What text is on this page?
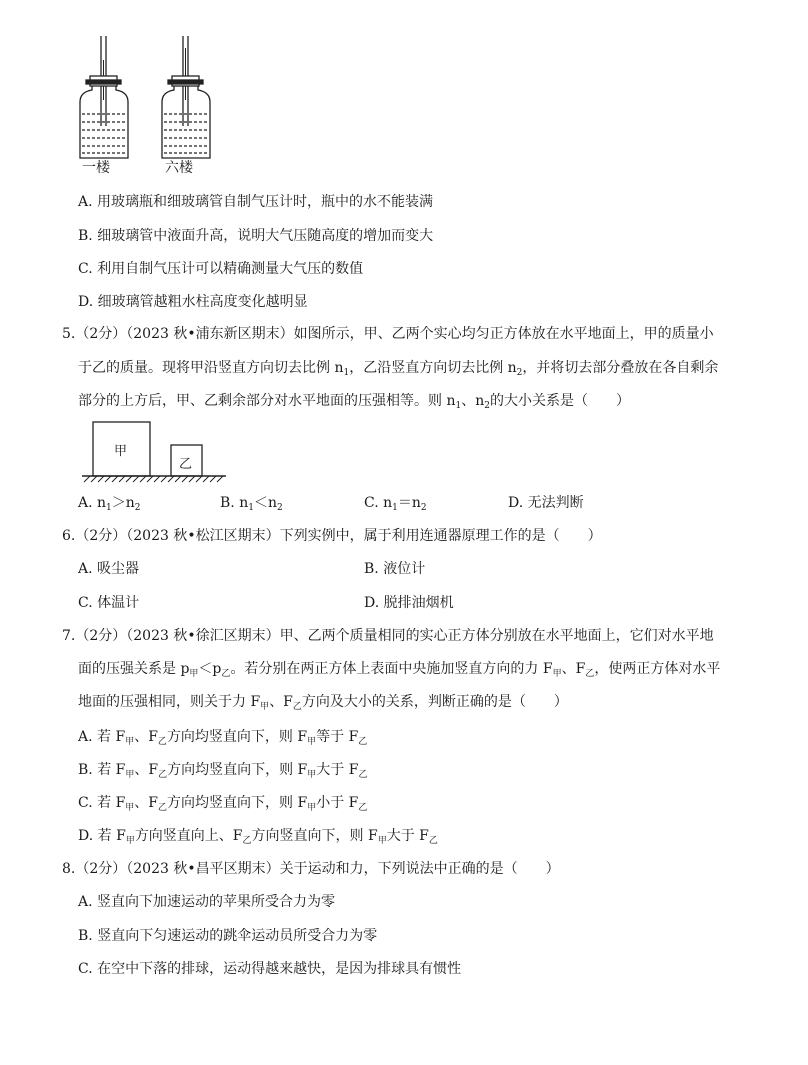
一楼	六楼
A. 用玻璃瓶和细玻璃管自制气压计时，瓶中的水不能装满
B. 细玻璃管中液面升高，说明大气压随高度的增加而变大
C. 利用自制气压计可以精确测量大气压的数值
D. 细玻璃管越粗水柱高度变化越明显
5.（2分）（2023 秋•浦东新区期末）如图所示，甲、乙两个实心均匀正方体放在水平地面上，甲的质量小
于乙的质量。现将甲沿竖直方向切去比例 $n_1$，乙沿竖直方向切去比例 $n_2$，并将切去部分叠放在各自剩余
部分的上方后，甲、乙剩余部分对水平地面的压强相等。则 $n_1$、$n_2$的大小关系是（　　）
甲
乙
A. $n_1>n_2$	B. $n_1<n_2$	C. $n_1=n_2$	D. 无法判断
6.（2分）（2023 秋•松江区期末）下列实例中，属于利用连通器原理工作的是（　　）
A. 吸尘器	B. 液位计
C. 体温计	D. 脱排油烟机
7.（2分）（2023 秋•徐汇区期末）甲、乙两个质量相同的实心正方体分别放在水平地面上，它们对水平地
面的压强关系是 $p_甲<p_乙$。若分别在两正方体上表面中央施加竖直方向的力 $F_甲$、$F_乙$，使两正方体对水平
地面的压强相同，则关于力 $F_甲$、$F_乙$方向及大小的关系，判断正确的是（　　）
A. 若 $F_甲$、$F_乙$方向均竖直向下，则 $F_甲$等于 $F_乙$
B. 若 $F_甲$、$F_乙$方向均竖直向下，则 $F_甲$大于 $F_乙$
C. 若 $F_甲$、$F_乙$方向均竖直向下，则 $F_甲$小于 $F_乙$
D. 若 $F_甲$方向竖直向上、$F_乙$方向竖直向下，则 $F_甲$大于 $F_乙$
8.（2分）（2023 秋•昌平区期末）关于运动和力，下列说法中正确的是（　　）
A. 竖直向下加速运动的苹果所受合力为零
B. 竖直向下匀速运动的跳伞运动员所受合力为零
C. 在空中下落的排球，运动得越来越快，是因为排球具有惯性
